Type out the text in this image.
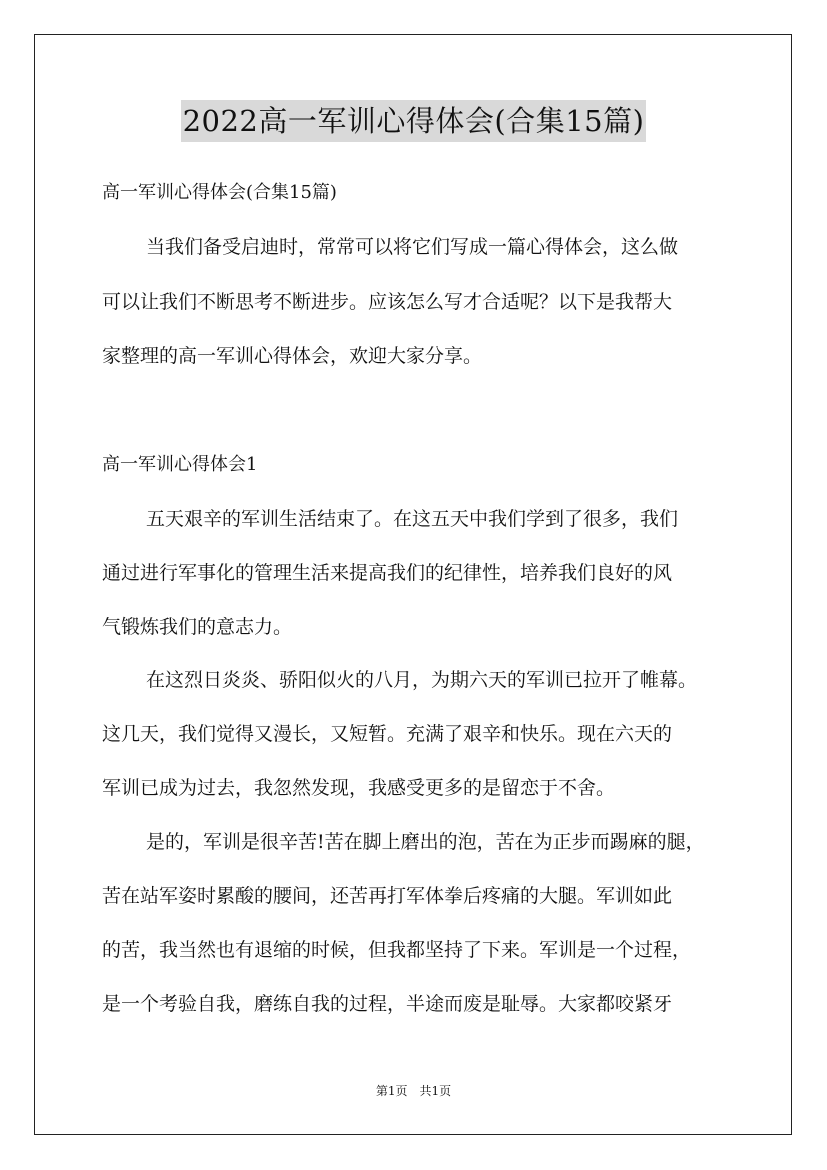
2022高一军训心得体会(合集15篇)
高一军训心得体会(合集15篇)
当我们备受启迪时，常常可以将它们写成一篇心得体会，这么做
可以让我们不断思考不断进步。应该怎么写才合适呢？以下是我帮大
家整理的高一军训心得体会，欢迎大家分享。
高一军训心得体会1
五天艰辛的军训生活结束了。在这五天中我们学到了很多，我们
通过进行军事化的管理生活来提高我们的纪律性，培养我们良好的风
气锻炼我们的意志力。
在这烈日炎炎、骄阳似火的八月，为期六天的军训已拉开了帷幕。
这几天，我们觉得又漫长，又短暂。充满了艰辛和快乐。现在六天的
军训已成为过去，我忽然发现，我感受更多的是留恋于不舍。
是的，军训是很辛苦!苦在脚上磨出的泡，苦在为正步而踢麻的腿，
苦在站军姿时累酸的腰间，还苦再打军体拳后疼痛的大腿。军训如此
的苦，我当然也有退缩的时候，但我都坚持了下来。军训是一个过程，
是一个考验自我，磨练自我的过程，半途而废是耻辱。大家都咬紧牙
第1页　共1页
